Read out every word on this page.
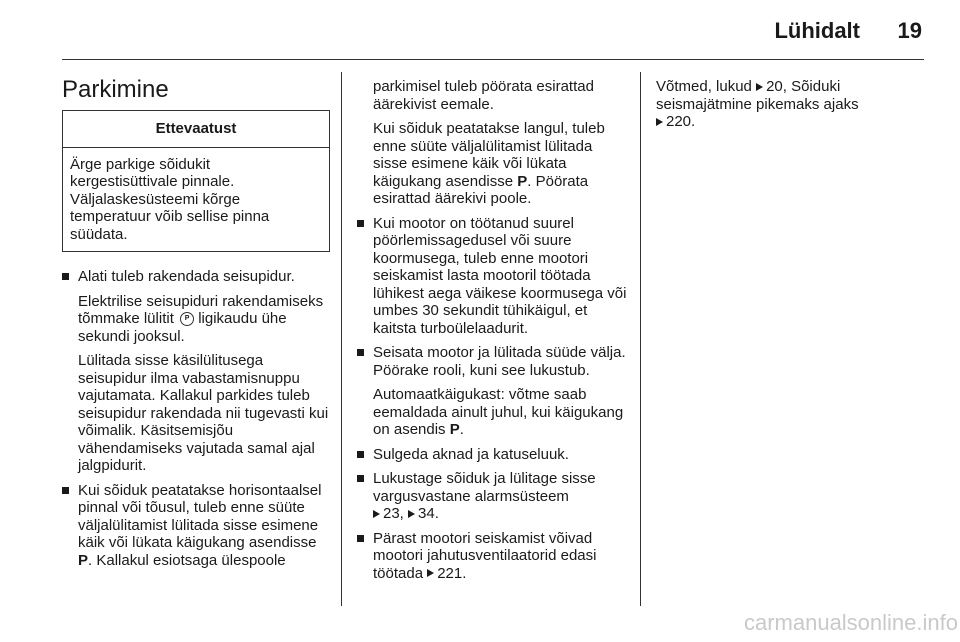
Lühidalt	19
Parkimine
Ettevaatust
Ärge parkige sõidukit kergestisüttivale pinnale. Väljalaskesüsteemi kõrge temperatuur võib sellise pinna süüdata.

Alati tuleb rakendada seisupidur.

Elektrilise seisupiduri rakendamiseks tõmmake lülitit P ligikaudu ühe sekundi jooksul.

Lülitada sisse käsilülitusega seisupidur ilma vabastamisnuppu vajutamata. Kallakul parkides tuleb seisupidur rakendada nii tugevasti kui võimalik. Käsitsemisjõu vähendamiseks vajutada samal ajal jalgpidurit.

Kui sõiduk peatatakse horisontaalsel pinnal või tõusul, tuleb enne süüte väljalülitamist lülitada sisse esimene käik või lükata käigukang asendisse P. Kallakul esiotsaga ülespoole

parkimisel tuleb pöörata esirattad äärekivist eemale.

Kui sõiduk peatatakse langul, tuleb enne süüte väljalülitamist lülitada sisse esimene käik või lükata käigukang asendisse P. Pöörata esirattad äärekivi poole.

Kui mootor on töötanud suurel pöörlemissagedusel või suure koormusega, tuleb enne mootori seiskamist lasta mootoril töötada lühikest aega väikese koormusega või umbes 30 sekundit tühikäigul, et kaitsta turboülelaadurit.

Seisata mootor ja lülitada süüde välja. Pöörake rooli, kuni see lukustub.

Automaatkäigukast: võtme saab eemaldada ainult juhul, kui käigukang on asendis P.

Sulgeda aknad ja katuseluuk.

Lukustage sõiduk ja lülitage sisse vargusvastane alarmsüsteem
23, 34.

Pärast mootori seiskamist võivad mootori jahutusventilaatorid edasi töötada 221.

Võtmed, lukud 20, Sõiduki seismajätmine pikemaks ajaks
220.

carmanualsonline.info
